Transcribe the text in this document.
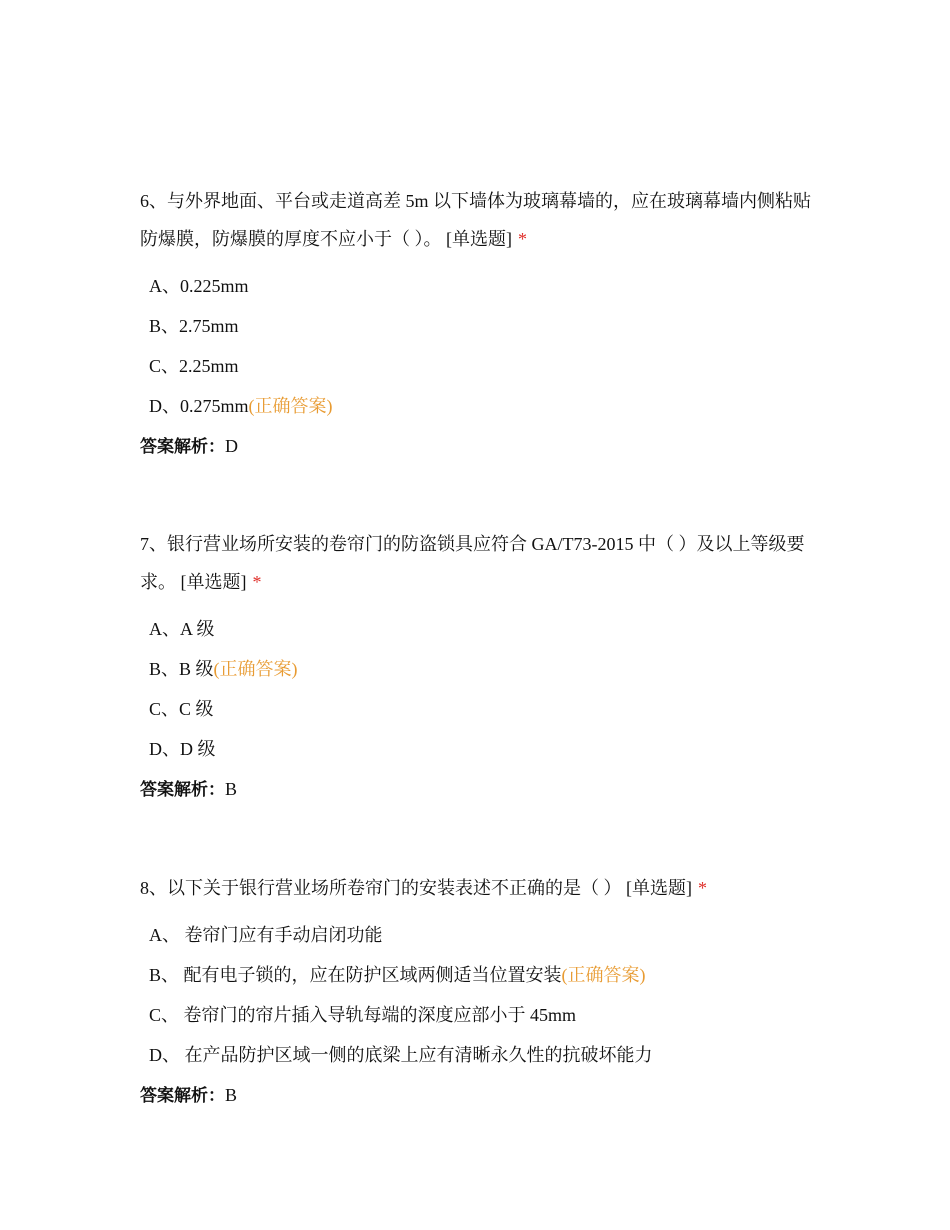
6、与外界地面、平台或走道高差 5m 以下墙体为玻璃幕墙的，应在玻璃幕墙内侧粘贴防爆膜，防爆膜的厚度不应小于（ ）。 [单选题] *

A、0.225mm
B、2.75mm
C、2.25mm
D、0.275mm(正确答案)
答案解析：D

7、银行营业场所安装的卷帘门的防盗锁具应符合 GA/T73-2015 中（ ）及以上等级要求。 [单选题] *

A、A 级
B、B 级(正确答案)
C、C 级
D、D 级
答案解析：B

8、以下关于银行营业场所卷帘门的安装表述不正确的是（ ） [单选题] *

A、 卷帘门应有手动启闭功能
B、 配有电子锁的，应在防护区域两侧适当位置安装(正确答案)
C、 卷帘门的帘片插入导轨每端的深度应部小于 45mm
D、 在产品防护区域一侧的底梁上应有清晰永久性的抗破坏能力
答案解析：B
